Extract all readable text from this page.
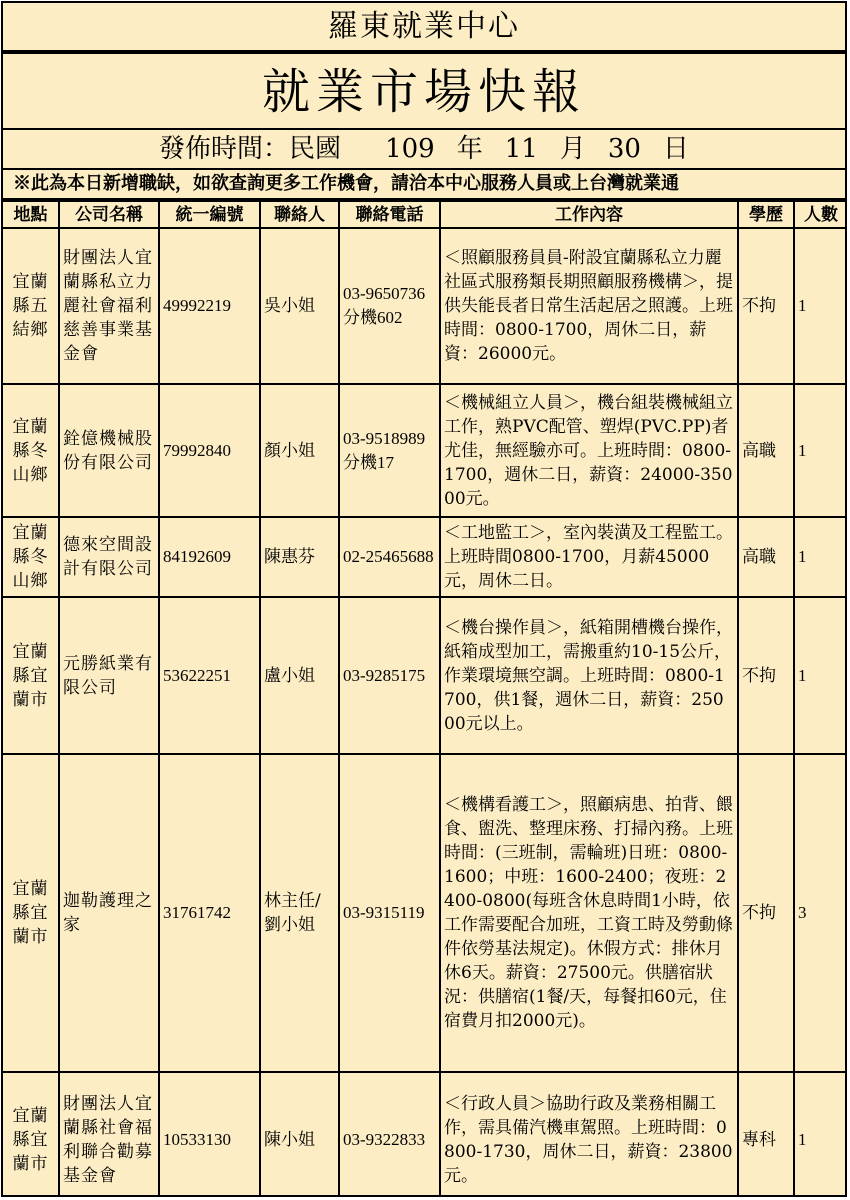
羅東就業中心
就業市場快報
發佈時間：民國 109 年 11 月 30 日
※此為本日新增職缺，如欲查詢更多工作機會，請洽本中心服務人員或上台灣就業通
地點	公司名稱	統一編號	聯絡人	聯絡電話	工作內容	學歷	人數
宜蘭縣五結鄉	財團法人宜蘭縣私立力麗社會福利慈善事業基金會	49992219	吳小姐	03-9650736分機602	＜照顧服務員員-附設宜蘭縣私立力麗社區式服務類長期照顧服務機構＞，提供失能長者日常生活起居之照護。上班時間：0800-1700，周休二日，薪資：26000元。	不拘	1
宜蘭縣冬山鄉	銓億機械股份有限公司	79992840	顏小姐	03-9518989分機17	＜機械組立人員＞，機台組裝機械組立工作，熟PVC配管、塑焊(PVC.PP)者尤佳，無經驗亦可。上班時間：0800-1700，週休二日，薪資：24000-35000元。	高職	1
宜蘭縣冬山鄉	德來空間設計有限公司	84192609	陳惠芬	02-25465688	＜工地監工＞，室內裝潢及工程監工。上班時間0800-1700，月薪45000元，周休二日。	高職	1
宜蘭縣宜蘭市	元勝紙業有限公司	53622251	盧小姐	03-9285175	＜機台操作員＞，紙箱開槽機台操作，紙箱成型加工，需搬重約10-15公斤，作業環境無空調。上班時間：0800-1700，供1餐，週休二日，薪資：25000元以上。	不拘	1
宜蘭縣宜蘭市	迦勒護理之家	31761742	林主任/劉小姐	03-9315119	＜機構看護工＞，照顧病患、拍背、餵食、盥洗、整理床務、打掃內務。上班時間：(三班制，需輪班)日班：0800-1600；中班：1600-2400；夜班：2400-0800(每班含休息時間1小時，依工作需要配合加班，工資工時及勞動條件依勞基法規定)。休假方式：排休月休6天。薪資：27500元。供膳宿狀況：供膳宿(1餐/天，每餐扣60元，住宿費月扣2000元)。	不拘	3
宜蘭縣宜蘭市	財團法人宜蘭縣社會福利聯合勸募基金會	10533130	陳小姐	03-9322833	＜行政人員＞協助行政及業務相關工作，需具備汽機車駕照。上班時間：0800-1730，周休二日，薪資：23800元。	專科	1
